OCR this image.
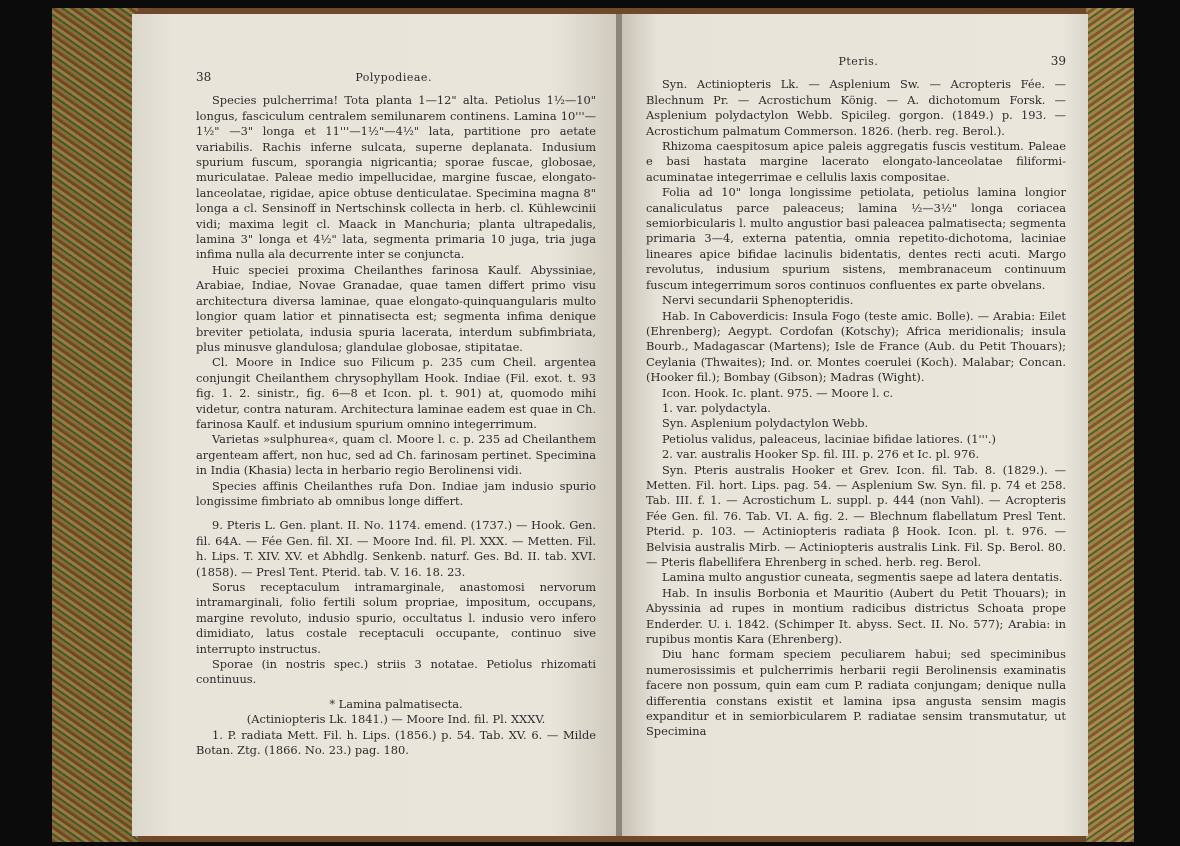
38	Polypodieae.

Species pulcherrima! Tota planta 1—12" alta. Petiolus 1½—10" longus, fasciculum centralem semilunarem continens. Lamina 10'''—1½" —3" longa et 11'''—1½"—4½" lata, partitione pro aetate variabilis. Rachis inferne sulcata, superne deplanata. Indusium spurium fuscum, sporangia nigricantia; sporae fuscae, globosae, muriculatae. Paleae medio impellucidae, margine fuscae, elongato-lanceolatae, rigidae, apice obtuse denticulatae. Specimina magna 8" longa a cl. Sensinoff in Nertschinsk collecta in herb. cl. Kühlewcinii vidi; maxima legit cl. Maack in Manchuria; planta ultrapedalis, lamina 3" longa et 4½" lata, segmenta primaria 10 juga, tria juga infima nulla ala decurrente inter se conjuncta.

Huic speciei proxima Cheilanthes farinosa Kaulf. Abyssiniae, Arabiae, Indiae, Novae Granadae, quae tamen differt primo visu architectura diversa laminae, quae elongato-quinquangularis multo longior quam latior et pinnatisecta est; segmenta infima denique breviter petiolata, indusia spuria lacerata, interdum subfimbriata, plus minusve glandulosa; glandulae globosae, stipitatae.

Cl. Moore in Indice suo Filicum p. 235 cum Cheil. argentea conjungit Cheilanthem chrysophyllam Hook. Indiae (Fil. exot. t. 93 fig. 1. 2. sinistr., fig. 6—8 et Icon. pl. t. 901) at, quomodo mihi videtur, contra naturam. Architectura laminae eadem est quae in Ch. farinosa Kaulf. et indusium spurium omnino integerrimum.

Varietas »sulphurea«, quam cl. Moore l. c. p. 235 ad Cheilanthem argenteam affert, non huc, sed ad Ch. farinosam pertinet. Specimina in India (Khasia) lecta in herbario regio Berolinensi vidi.

Species affinis Cheilanthes rufa Don. Indiae jam indusio spurio longissime fimbriato ab omnibus longe differt.

9. Pteris L. Gen. plant. II. No. 1174. emend. (1737.) — Hook. Gen. fil. 64A. — Fée Gen. fil. XI. — Moore Ind. fil. Pl. XXX. — Metten. Fil. h. Lips. T. XIV. XV. et Abhdlg. Senkenb. naturf. Ges. Bd. II. tab. XVI. (1858). — Presl Tent. Pterid. tab. V. 16. 18. 23.

Sorus receptaculum intramarginale, anastomosi nervorum intramarginali, folio fertili solum propriae, impositum, occupans, margine revoluto, indusio spurio, occultatus l. indusio vero infero dimidiato, latus costale receptaculi occupante, continuo sive interrupto instructus.

Sporae (in nostris spec.) striis 3 notatae. Petiolus rhizomati continuus.

* Lamina palmatisecta.

(Actiniopteris Lk. 1841.) — Moore Ind. fil. Pl. XXXV.

1. P. radiata Mett. Fil. h. Lips. (1856.) p. 54. Tab. XV. 6. — Milde Botan. Ztg. (1866. No. 23.) pag. 180.

Pteris.	39

Syn. Actiniopteris Lk. — Asplenium Sw. — Acropteris Fée. — Blechnum Pr. — Acrostichum König. — A. dichotomum Forsk. — Asplenium polydactylon Webb. Spicileg. gorgon. (1849.) p. 193. — Acrostichum palmatum Commerson. 1826. (herb. reg. Berol.).

Rhizoma caespitosum apice paleis aggregatis fuscis vestitum. Paleae e basi hastata margine lacerato elongato-lanceolatae filiformi-acuminatae integerrimae e cellulis laxis compositae.

Folia ad 10" longa longissime petiolata, petiolus lamina longior canaliculatus parce paleaceus; lamina ½—3½" longa coriacea semiorbicularis l. multo angustior basi paleacea palmatisecta; segmenta primaria 3—4, externa patentia, omnia repetito-dichotoma, laciniae lineares apice bifidae lacinulis bidentatis, dentes recti acuti. Margo revolutus, indusium spurium sistens, membranaceum continuum fuscum integerrimum soros continuos confluentes ex parte obvelans.

Nervi secundarii Sphenopteridis.

Hab. In Caboverdicis: Insula Fogo (teste amic. Bolle). — Arabia: Eilet (Ehrenberg); Aegypt. Cordofan (Kotschy); Africa meridionalis; insula Bourb., Madagascar (Martens); Isle de France (Aub. du Petit Thouars); Ceylania (Thwaites); Ind. or. Montes coerulei (Koch). Malabar; Concan. (Hooker fil.); Bombay (Gibson); Madras (Wight).

Icon. Hook. Ic. plant. 975. — Moore l. c.

1. var. polydactyla.

Syn. Asplenium polydactylon Webb.

Petiolus validus, paleaceus, laciniae bifidae latiores. (1'''.)

2. var. australis Hooker Sp. fil. III. p. 276 et Ic. pl. 976.

Syn. Pteris australis Hooker et Grev. Icon. fil. Tab. 8. (1829.). — Metten. Fil. hort. Lips. pag. 54. — Asplenium Sw. Syn. fil. p. 74 et 258. Tab. III. f. 1. — Acrostichum L. suppl. p. 444 (non Vahl). — Acropteris Fée Gen. fil. 76. Tab. VI. A. fig. 2. — Blechnum flabellatum Presl Tent. Pterid. p. 103. — Actiniopteris radiata β Hook. Icon. pl. t. 976. — Belvisia australis Mirb. — Actiniopteris australis Link. Fil. Sp. Berol. 80. — Pteris flabellifera Ehrenberg in sched. herb. reg. Berol.

Lamina multo angustior cuneata, segmentis saepe ad latera dentatis.

Hab. In insulis Borbonia et Mauritio (Aubert du Petit Thouars); in Abyssinia ad rupes in montium radicibus districtus Schoata prope Enderder. U. i. 1842. (Schimper It. abyss. Sect. II. No. 577); Arabia: in rupibus montis Kara (Ehrenberg).

Diu hanc formam speciem peculiarem habui; sed speciminibus numerosissimis et pulcherrimis herbarii regii Berolinensis examinatis facere non possum, quin eam cum P. radiata conjungam; denique nulla differentia constans existit et lamina ipsa angusta sensim magis expanditur et in semiorbicularem P. radiatae sensim transmutatur, ut Specimina
